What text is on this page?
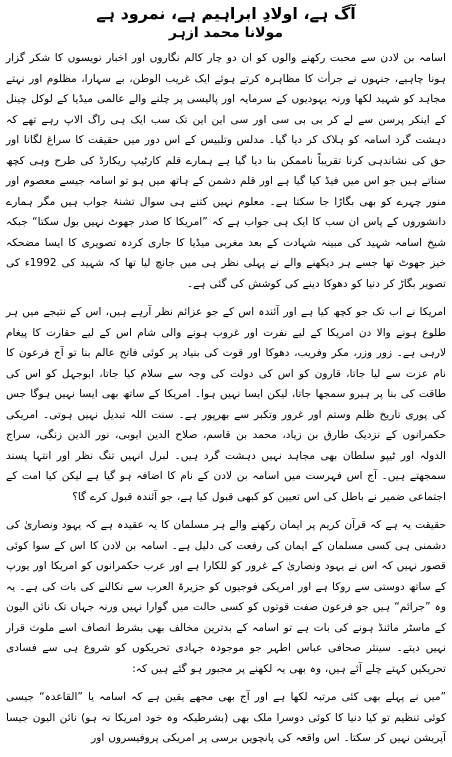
آگ ہے، اولادِ ابراہیم ہے، نمرود ہے
مولانا محمد ازہر

اسامہ بن لادن سے محبت رکھنے والوں کو ان دو چار کالم نگاروں اور اخبار نویسوں کا شکر گزار ہونا چاہیے، جنہوں نے جرأت کا مظاہرہ کرتے ہوئے ایک غریب الوطن، بے سہارا، مظلوم اور نہتے مجاہد کو شہید لکھا ورنہ یہودیوں کے سرمایہ اور پالیسی پر چلنے والے عالمی میڈیا کے لوکل چینل کے اینکر پرسن سے لے کر بی بی سی اور سی این این تک سب ایک ہی راگ الاپ رہے تھے کہ دہشت گرد اسامہ کو ہلاک کر دیا گیا۔ مدلس وتلبیس کے اس دور میں حقیقت کا سراغ لگانا اور حق کی نشاندہی کرنا تقریباً ناممکن بنا دیا گیا ہے ہمارے قلم کارٹیپ ریکارڈ کی طرح وہی کچھ سناتے ہیں جو اس میں فیڈ کیا گیا ہے اور قلم دشمن کے ہاتھ میں ہو تو اسامہ جیسے معصوم اور منور چہرے کو بھی بگاڑا جا سکتا ہے۔ معلوم نہیں کتنے ہی سوال تشنۂ جواب ہیں مگر ہمارے دانشوروں کے پاس ان سب کا ایک ہی جواب ہے کہ ”امریکا کا صدر جھوٹ نہیں بول سکتا“ جبکہ شیخ اسامہ شہید کی مبینہ شہادت کے بعد مغربی میڈیا کا جاری کردہ تصویری کا ایسا مضحکہ خیز جھوٹ تھا جسے ہر دیکھنے والے نے پہلی نظر ہی میں جانچ لیا تھا کہ شہید کی 1992ء کی تصویر بگاڑ کر دنیا کو دھوکا دینے کی کوشش کی گئی ہے۔

امریکا نے اب تک جو کچھ کیا ہے اور آئندہ اس کے جو عزائم نظر آرہے ہیں، اس کے نتیجے میں ہر طلوع ہونے والا دن امریکا کے لیے نفرت اور غروب ہونے والی شام اس کے لیے حقارت کا پیغام لارہی ہے۔ زور وزر، مکر وفریب، دھوکا اور قوت کی بنیاد پر کوئی فاتح عالم بنا تو آج فرعون کا نام عزت سے لیا جاتا، قارون کو اس کی دولت کی وجہ سے سلام کیا جاتا، ابوجہل کو اس کی طاقت کی بنا پر ہیرو سمجھا جاتا، لیکن ایسا نہیں ہوا۔ امریکا کے ساتھ بھی ایسا نہیں ہوگا جس کی پوری تاریخ ظلم وستم اور غرور وتکبر سے بھرپور ہے۔ سنت اللہ تبدیل نہیں ہوتی۔ امریکی حکمرانوں کے نزدیک طارق بن زیاد، محمد بن قاسم، صلاح الدین ایوبی، نور الدین زنگی، سراج الدولہ اور ٹیپو سلطان بھی مجاہد نہیں دہشت گرد ہیں۔ لبرل انہیں تنگ نظر اور انتہا پسند سمجھتے ہیں۔ آج اس فہرست میں اسامہ بن لادن کے نام کا اضافہ ہو گیا ہے لیکن کیا امت کے اجتماعی ضمیر نے باطل کی اس تعیین کو کبھی قبول کیا ہے، جو آئندہ قبول کرے گا؟

حقیقت یہ ہے کہ قرآن کریم پر ایمان رکھنے والے ہر مسلمان کا یہ عقیدہ ہے کہ یہود ونصاریٰ کی دشمنی ہی کسی مسلمان کے ایمان کی رفعت کی دلیل ہے۔ اسامہ بن لادن کا اس کے سوا کوئی قصور نہیں کہ اس نے یہود ونصاریٰ کے غرور کو للکارا ہے اور عرب حکمرانوں کو امریکا اور یورپ کے ساتھ دوستی سے روکا ہے اور امریکی فوجیوں کو جزیرۃ العرب سے نکالنے کی بات کی ہے۔ یہ وہ ”جرائم“ ہیں جو فرعون صفت قوتوں کو کسی حالت میں گوارا نہیں ورنہ جہاں تک نائن الیون کے ماسٹر مائنڈ ہونے کی بات ہے تو اسامہ کے بدترین مخالف بھی بشرط انصاف اسے ملوث قرار نہیں دیتے۔ سینئر صحافی عباس اطہر جو موجودہ جہادی تحریکوں کو شروع ہی سے فسادی تحریکیں کہتے چلے آئے ہیں، وہ بھی یہ لکھنے پر مجبور ہو گئے ہیں کہ:

”میں نے پہلے بھی کئی مرتبہ لکھا ہے اور آج بھی مجھے یقین ہے کہ اسامہ یا ”القاعدہ“ جیسی کوئی تنظیم تو کیا دنیا کا کوئی دوسرا ملک بھی (بشرطیکہ وہ خود امریکا نہ ہو) نائن الیون جیسا آپریشن نہیں کر سکتا۔ اس واقعہ کی پانچویں برسی پر امریکی پروفیسروں اور
